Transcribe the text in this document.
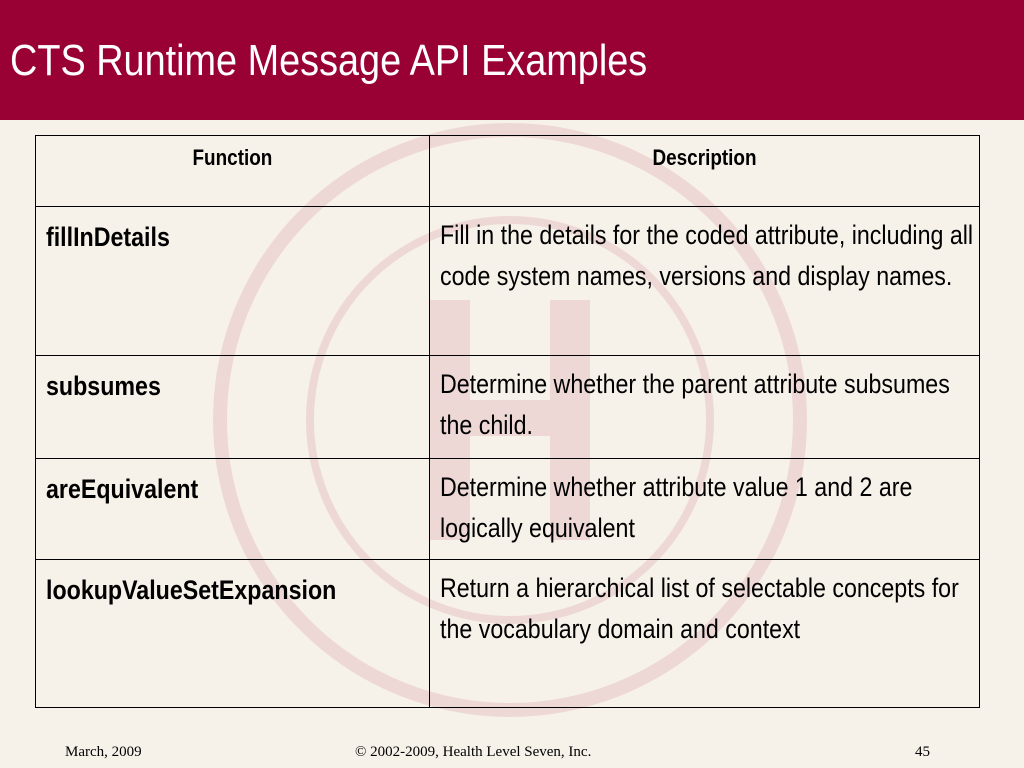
CTS Runtime Message API Examples
Function	Description

fillInDetails	Fill in the details for the coded attribute, including all code system names, versions and display names.

subsumes	Determine whether the parent attribute subsumes the child.

areEquivalent	Determine whether attribute value 1 and 2 are logically equivalent

lookupValueSetExpansion	Return a hierarchical list of selectable concepts for the vocabulary domain and context
March, 2009	© 2002-2009, Health Level Seven, Inc.	45
